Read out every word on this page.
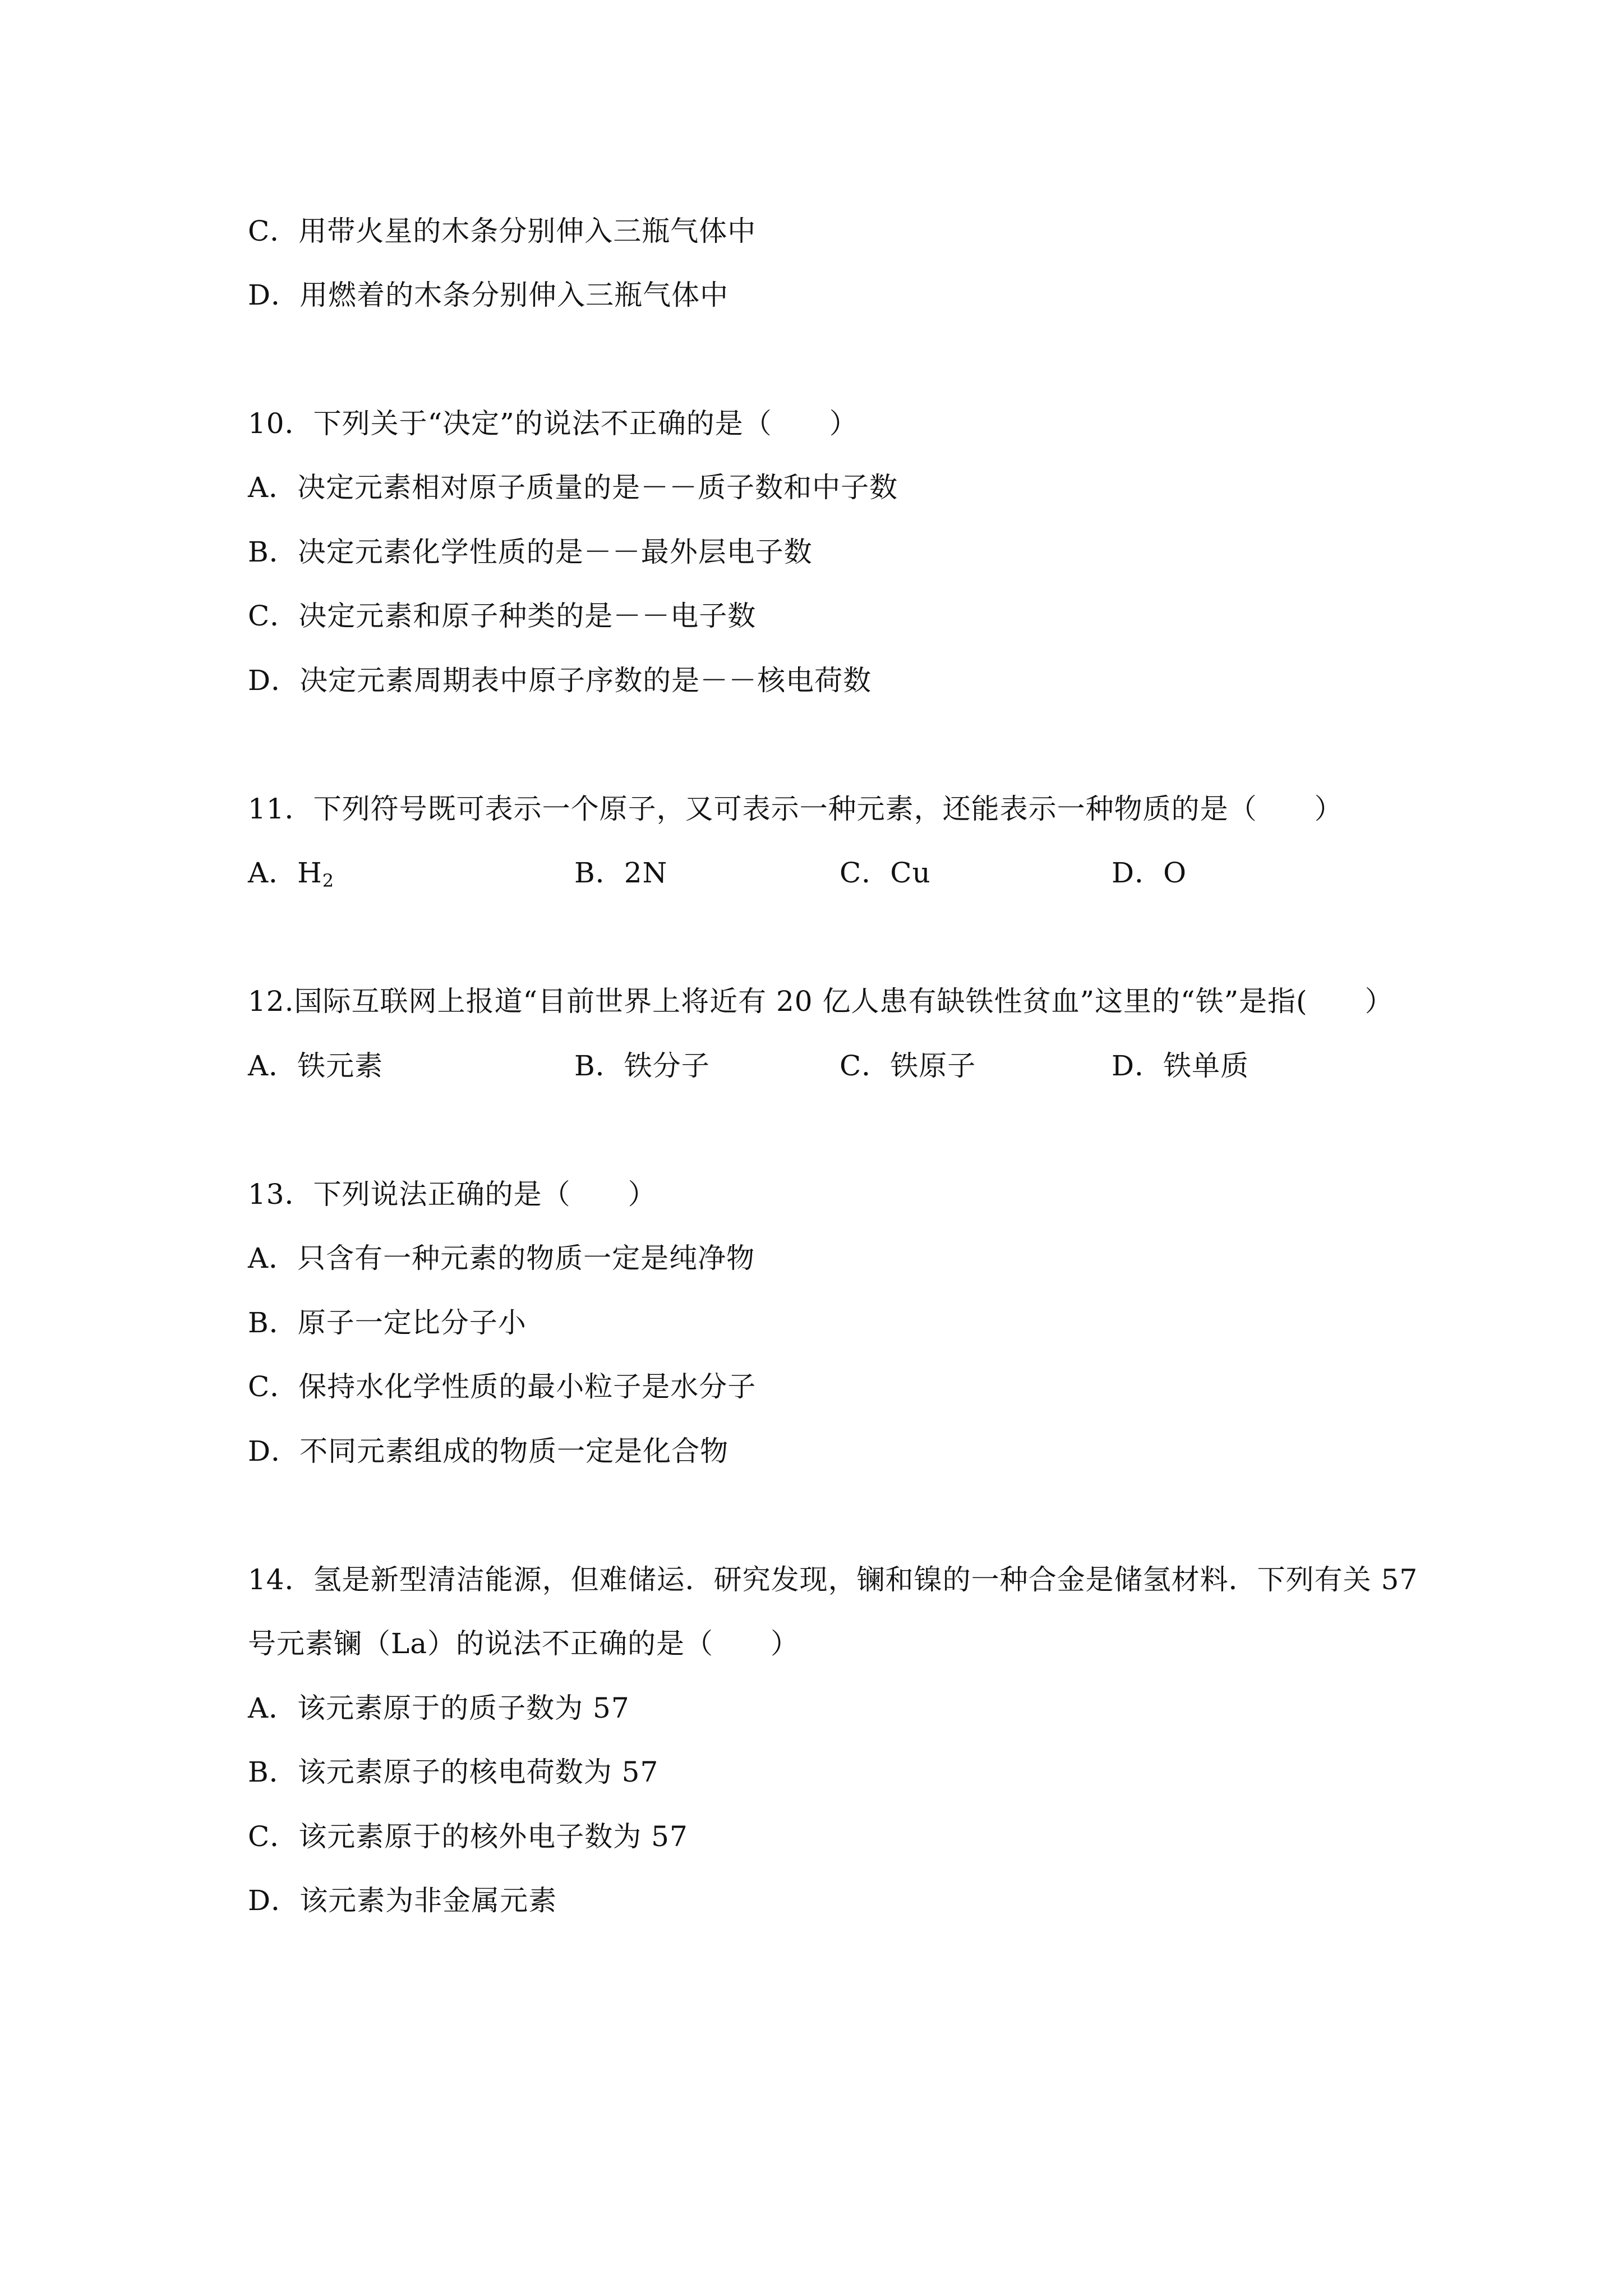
C．用带火星的木条分别伸入三瓶气体中
D．用燃着的木条分别伸入三瓶气体中
10．下列关于“决定”的说法不正确的是（　　）
A．决定元素相对原子质量的是－－质子数和中子数
B．决定元素化学性质的是－－最外层电子数
C．决定元素和原子种类的是－－电子数
D．决定元素周期表中原子序数的是－－核电荷数
11．下列符号既可表示一个原子，又可表示一种元素，还能表示一种物质的是（　　）
A．$H_2$	B．2N	C．Cu	D．O
12.国际互联网上报道“目前世界上将近有 20 亿人患有缺铁性贫血”这里的“铁”是指(　　）
A．铁元素	B．铁分子	C．铁原子	D．铁单质
13．下列说法正确的是（　　）
A．只含有一种元素的物质一定是纯净物
B．原子一定比分子小
C．保持水化学性质的最小粒子是水分子
D．不同元素组成的物质一定是化合物
14．氢是新型清洁能源，但难储运．研究发现，镧和镍的一种合金是储氢材料．下列有关 57
号元素镧（La）的说法不正确的是（　　）
A．该元素原于的质子数为 57
B．该元素原子的核电荷数为 57
C．该元素原于的核外电子数为 57
D．该元素为非金属元素
